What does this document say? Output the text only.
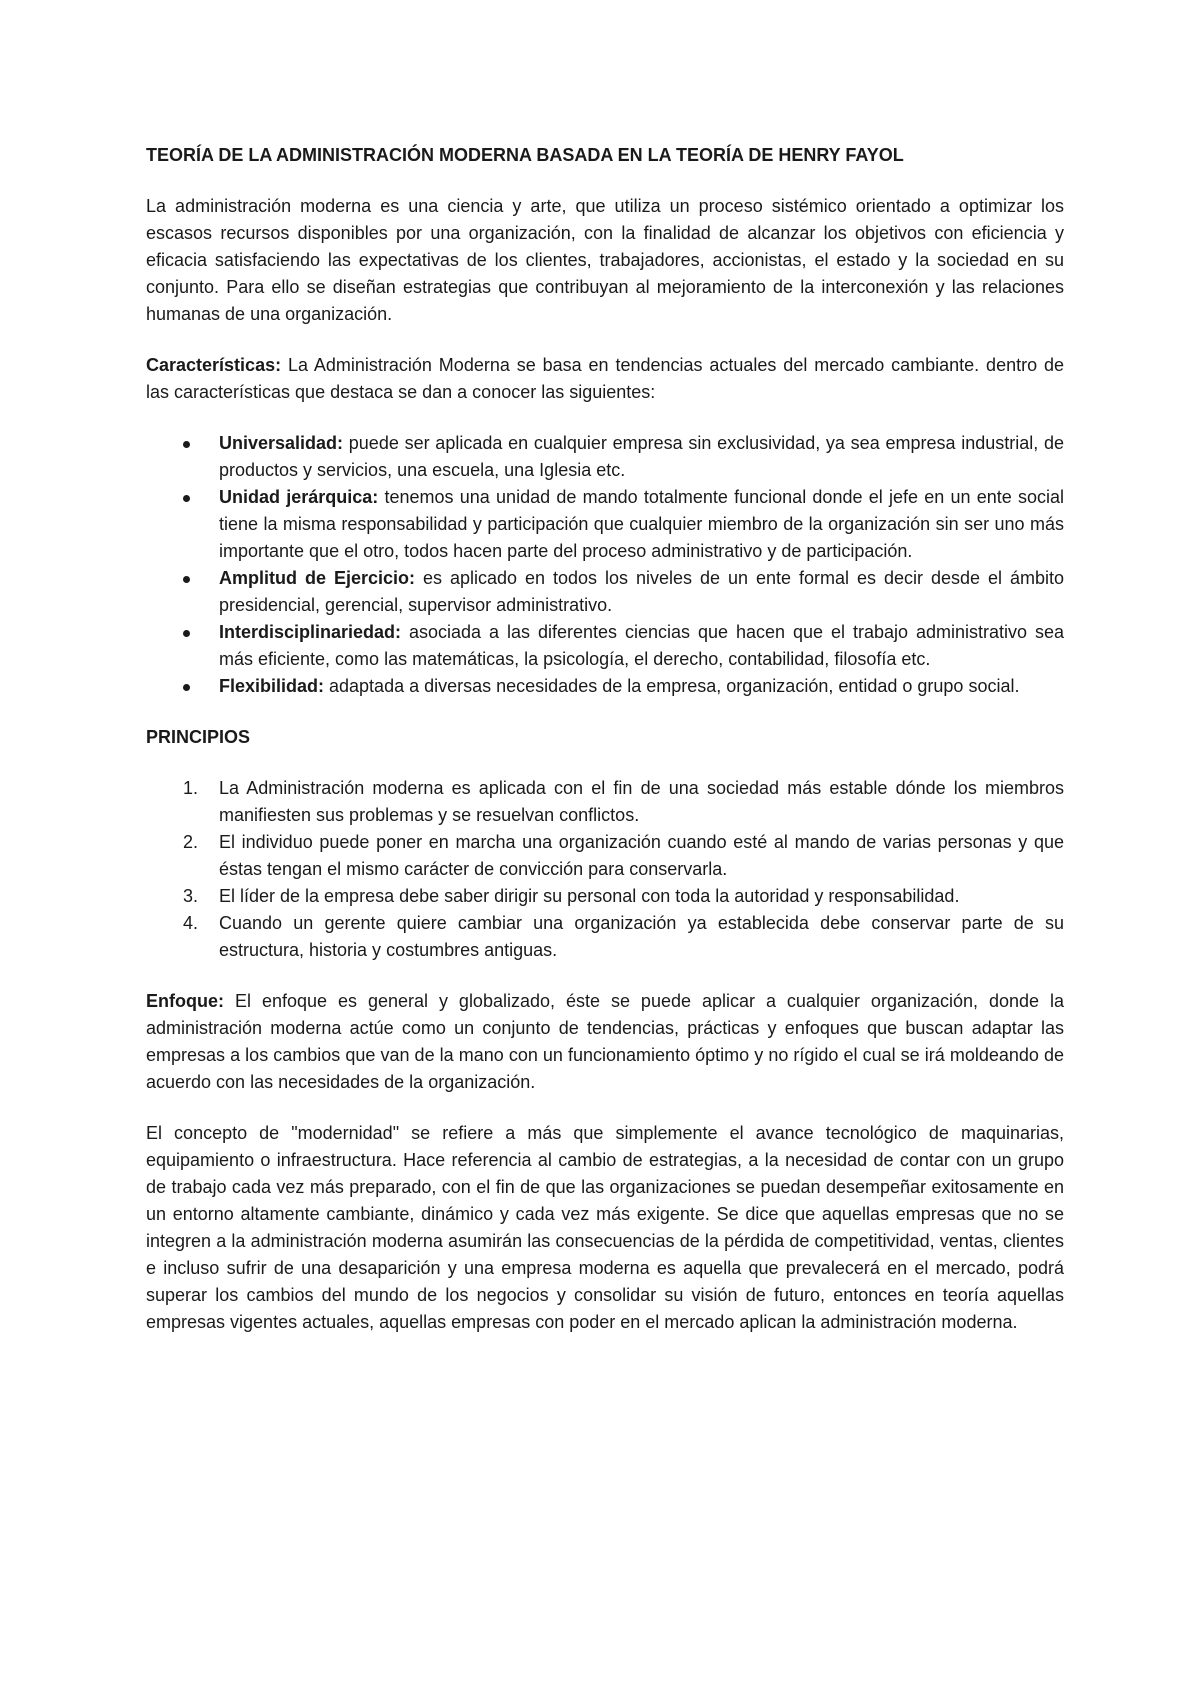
TEORÍA DE LA ADMINISTRACIÓN MODERNA BASADA EN LA TEORÍA DE HENRY FAYOL

La administración moderna es una ciencia y arte, que utiliza un proceso sistémico orientado a optimizar los escasos recursos disponibles por una organización, con la finalidad de alcanzar los objetivos con eficiencia y eficacia satisfaciendo las expectativas de los clientes, trabajadores, accionistas, el estado y la sociedad en su conjunto. Para ello se diseñan estrategias que contribuyan al mejoramiento de la interconexión y las relaciones humanas de una organización.

Características: La Administración Moderna se basa en tendencias actuales del mercado cambiante. dentro de las características que destaca se dan a conocer las siguientes:

Universalidad: puede ser aplicada en cualquier empresa sin exclusividad, ya sea empresa industrial, de productos y servicios, una escuela, una Iglesia etc.
Unidad jerárquica: tenemos una unidad de mando totalmente funcional donde el jefe en un ente social tiene la misma responsabilidad y participación que cualquier miembro de la organización sin ser uno más importante que el otro, todos hacen parte del proceso administrativo y de participación.
Amplitud de Ejercicio: es aplicado en todos los niveles de un ente formal es decir desde el ámbito presidencial, gerencial, supervisor administrativo.
Interdisciplinariedad: asociada a las diferentes ciencias que hacen que el trabajo administrativo sea más eficiente, como las matemáticas, la psicología, el derecho, contabilidad, filosofía etc.
Flexibilidad: adaptada a diversas necesidades de la empresa, organización, entidad o grupo social.
PRINCIPIOS
1. La Administración moderna es aplicada con el fin de una sociedad más estable dónde los miembros manifiesten sus problemas y se resuelvan conflictos.
2. El individuo puede poner en marcha una organización cuando esté al mando de varias personas y que éstas tengan el mismo carácter de convicción para conservarla.
3. El líder de la empresa debe saber dirigir su personal con toda la autoridad y responsabilidad.
4. Cuando un gerente quiere cambiar una organización ya establecida debe conservar parte de su estructura, historia y costumbres antiguas.

Enfoque: El enfoque es general y globalizado, éste se puede aplicar a cualquier organización, donde la administración moderna actúe como un conjunto de tendencias, prácticas y enfoques que buscan adaptar las empresas a los cambios que van de la mano con un funcionamiento óptimo y no rígido el cual se irá moldeando de acuerdo con las necesidades de la organización.

El concepto de "modernidad" se refiere a más que simplemente el avance tecnológico de maquinarias, equipamiento o infraestructura. Hace referencia al cambio de estrategias, a la necesidad de contar con un grupo de trabajo cada vez más preparado, con el fin de que las organizaciones se puedan desempeñar exitosamente en un entorno altamente cambiante, dinámico y cada vez más exigente. Se dice que aquellas empresas que no se integren a la administración moderna asumirán las consecuencias de la pérdida de competitividad, ventas, clientes e incluso sufrir de una desaparición y una empresa moderna es aquella que prevalecerá en el mercado, podrá superar los cambios del mundo de los negocios y consolidar su visión de futuro, entonces en teoría aquellas empresas vigentes actuales, aquellas empresas con poder en el mercado aplican la administración moderna.
